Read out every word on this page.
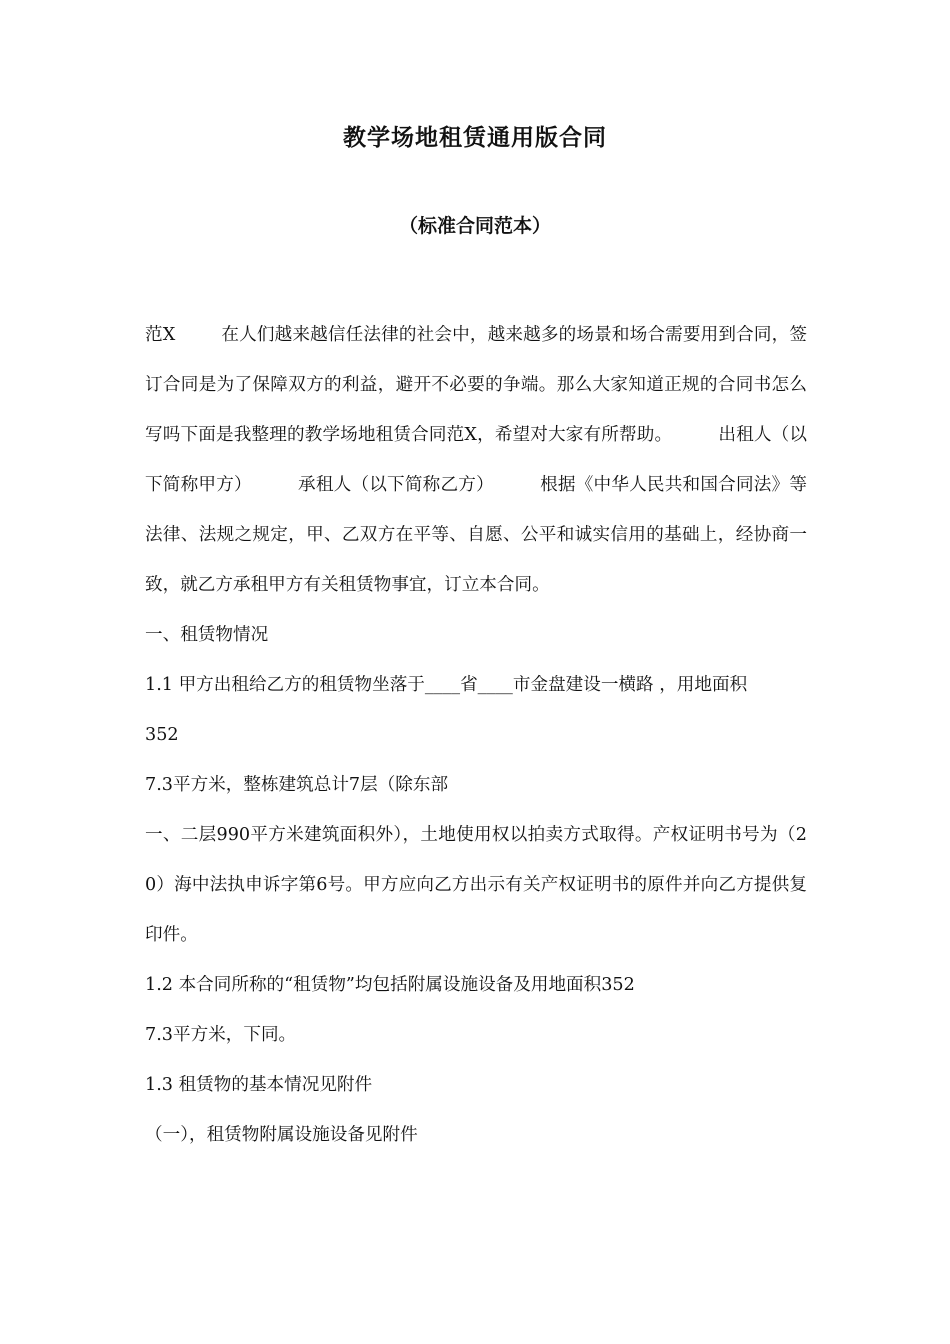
教学场地租赁通用版合同
（标准合同范本）

范X	在人们越来越信任法律的社会中，越来越多的场景和场合需要用到合同，签订合同是为了保障双方的利益，避开不必要的争端。那么大家知道正规的合同书怎么写吗下面是我整理的教学场地租赁合同范X，希望对大家有所帮助。	出租人（以下简称甲方）	承租人（以下简称乙方）	根据《中华人民共和国合同法》等法律、法规之规定，甲、乙双方在平等、自愿、公平和诚实信用的基础上，经协商一致，就乙方承租甲方有关租赁物事宜，订立本合同。

一、租赁物情况

1.1 甲方出租给乙方的租赁物坐落于____省____市金盘建设一横路 ，用地面积

352

7.3平方米，整栋建筑总计7层（除东部

一、二层990平方米建筑面积外），土地使用权以拍卖方式取得。产权证明书号为（20）海中法执申诉字第6号。甲方应向乙方出示有关产权证明书的原件并向乙方提供复印件。

1.2 本合同所称的“租赁物”均包括附属设施设备及用地面积352

7.3平方米，下同。

1.3 租赁物的基本情况见附件

（一），租赁物附属设施设备见附件
